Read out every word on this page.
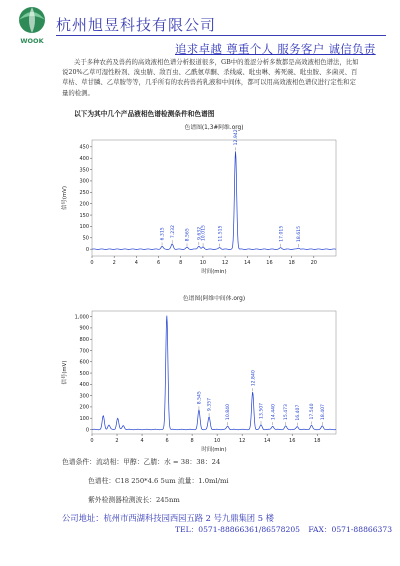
WOOK
杭州旭昱科技有限公司
追求卓越 尊重个人 服务客户 诚信负责

关于多种农药及兽药的高效液相色谱分析报道很多，GB中的羞涩分析多数都是高效液相色谱法，比如说20%乙草可湿性粉剂、溴虫腈、敌百虫、乙酰氨草酮、杀线威、吡虫啉、莠死碗、吡虫胺、多菌灵、百草枯、草甘膦、乙草胺等等，几乎所有的农药兽药乳液和中间体，都可以用高效液相色谱仪进行定性和定量的检测。

以下为其中几个产品液相色谱检测条件和色谱图
色谱图(1,3#阿维.org)
0
50
100
150
200
250
300
350
400
450
0	2	4	6	8	10	12	14	16	18	20
时间(min)
信号(mV)
6.315 7.232 8.565 9.632 10.015	11.515
12.942
17.015	18.615
色谱图(阿维中间体.org)
0
100
200
300
400
500
600
700
800
900
1,000
0	2	4	6	8	10	12	14	16	18
时间(min)
信号(mV)
8.545
9.357	10.840
12.840
13.507 14.440 15.473 16.407 17.540 18.407
色谱条件：流动相：甲醇：乙腈：水 = 38：38：24
色谱柱：C18 250*4.6 5um 流量：1.0ml/mi
紫外检测器检测波长：245nm
公司地址：杭州市西湖科技园西园五路 2 号九鼎集团 5 楼
TEL：0571-88866361/86578205 FAX：0571-88866373
